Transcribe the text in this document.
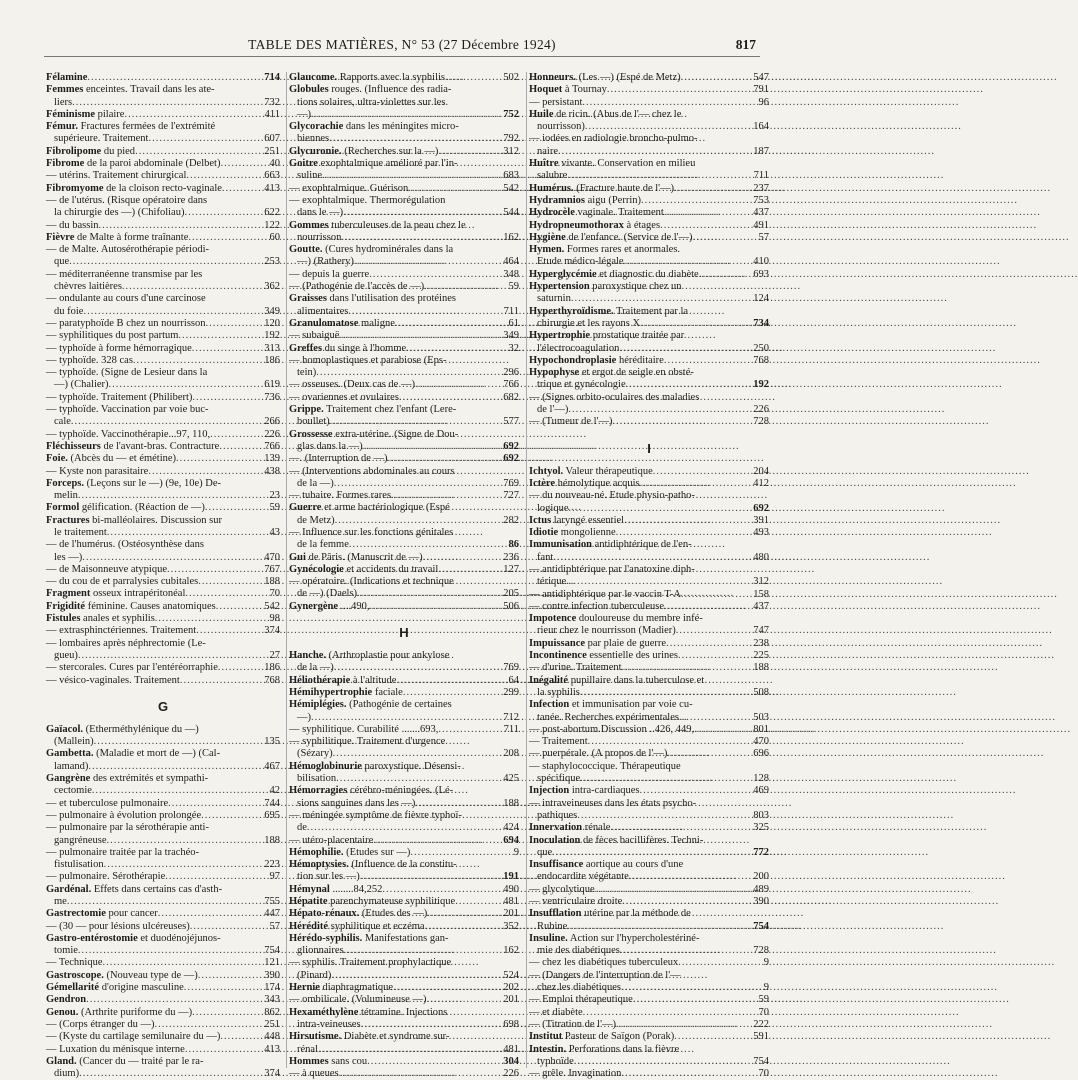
TABLE DES MATIÈRES, N° 53 (27 Décembre 1924)	817
Félamine .....	714
Femmes enceintes. Travail dans les ate-
liers .....	732
Féminisme pilaire .....	411
Fémur. Fractures fermées de l'extrémité
supérieure. Traitement .....	607
Fibrolipome du pied .....	251
Fibrome de la paroi abdominale (Delbet) .....	40
— utérins. Traitement chirurgical .....	663
Fibromyome de la cloison recto-vaginale .....	413
— de l'utérus. (Risque opératoire dans
la chirurgie des —) (Chifoliau) .....	622
— du bassin .....	122
Fièvre de Malte à forme traînante .....	60
— de Malte. Autosérothérapie périodi-
que .....	253
— méditerranéenne transmise par les
chèvres laitières .....	362
— ondulante au cours d'une carcinose
du foie .....	349
— paratyphoïde B chez un nourrisson .....	120
— syphilitiques du post partum .....	192
— typhoïde à forme hémorragique .....	313
— typhoïde. 328 cas .....	186
— typhoïde. (Signe de Lesieur dans la
—) (Chalier) .....	619
— typhoïde. Traitement (Philibert) .....	736
— typhoïde. Vaccination par voie buc-
cale .....	266
— typhoïde. Vaccinothérapie...97, 110, .....	226
Fléchisseurs de l'avant-bras. Contracture .....	766
Foie. (Abcès du — et émétine) .....	139
— Kyste non parasitaire .....	438
Forceps. (Leçons sur le —) (9e, 10e) De-
melin .....	23
Formol gélification. (Réaction de —) .....	59
Fractures bi-malléolaires. Discussion sur
le traitement .....	43
— de l'humérus. (Ostéosynthèse dans
les —) .....	470
— de Maisonneuve atypique .....	767
— du cou de et parralysies cubitales .....	188
Fragment osseux intrapéritonéal .....	70
Frigidité féminine. Causes anatomiques .....	542
Fistules anales et syphilis .....	98
— extrasphinctériennes. Traitement .....	374
— lombaires après néphrectomie (Le-
gueu) .....	27
— stercorales. Cures par l'entéréorraphie .....	186
— vésico-vaginales. Traitement .....	768
G
Gaïacol. (Etherméthylénique du —)
(Mallein) .....	135
Gambetta. (Maladie et mort de —) (Cal-
lamand) .....	467
Gangrène des extrémités et sympathi-
cectomie .....	42
— et tuberculose pulmonaire .....	744
— pulmonaire à évolution prolongée .....	695
— pulmonaire par la sérothérapie anti-
gangréneuse .....	188
— pulmonaire traitée par la trachéo-
fistulisation .....	223
— pulmonaire. Sérothérapie .....	97
Gardénal. Effets dans certains cas d'asth-
me .....	755
Gastrectomie pour cancer .....	447
— (30 — pour lésions ulcéreuses) .....	57
Gastro-entérostomie et duodénojéjunos-
tomie .....	754
— Technique .....	121
Gastroscope. (Nouveau type de —) .....	390
Gémellarité d'origine masculine .....	174
Gendron .....	343
Genou. (Arthrite puriforme du —) .....	862
— (Corps étranger du —) .....	251
— (Kyste du cartilage semilunaire du —) .....	448
— Luxation du ménisque interne .....	413
Gland. (Cancer du — traité par le ra-
dium) .....	374
Glaucome. Rapports avec la syphilis .....	502
Globules rouges. (Influence des radia-
tions solaires, ultra-violettes sur les
—) .....	752
Glycorachie dans les méningites micro-
biennes .....	792
Glycuronie. (Recherches sur la —) .....	312
Goitre exophtalmique amélioré par l'in-
suline .....	683
— exophtalmique. Guérison .....	542
— exophtalmique. Thermorégulation
dans le —) .....	544
Gommes tuberculeuses de la peau chez le
nourrisson .....	162
Goutte. (Cures hydrominérales dans la
—) (Rathery) .....	464
— depuis la guerre .....	348
— (Pathogénie de l'accès de —) .....	59
Graisses dans l'utilisation des protéines
alimentaires .....	711
Granulomatose maligne .....	61
— subaiguë .....	349
Greffes du singe à l'homme .....	32
— homoplastiques et parabiose (Eps-
tein) .....	296
— osseuses. (Deux cas de —) .....	766
— ovariennes et ovulaires .....	682
Grippe. Traitement chez l'enfant (Lere-
boullet) .....	577
Grossesse extra-utérine. (Signe de Dou-
glas dans la —) .....	692
—. (Interruption de —) .....	692
— (Interventions abdominales au cours
de la —) .....	769
— tubaire. Formes rares .....	727
Guerre et arme bactériologique (Espé
de Metz) .....	282
— Influence sur les fonctions génitales
de la femme .....	86
Gui de Pâris. (Manuscrit de —) .....	236
Gynécologie et accidents du travail .....	127
— opératoire. (Indications et technique
de —) (Daels) .....	205
Gynergène ....490, .....	506
H
Hanche. (Arthroplastie pour ankylose
de la —) .....	769
Héliothérapie à l'altitude .....	64
Hémihypertrophie faciale .....	299
Hémiplégies. (Pathogénie de certaines
—) .....	712
— syphilitique. Curabilité .......693, .....	711
— syphilitique. Traitement d'urgence
(Sézary) .....	208
Hémoglobinurie paroxystique. Désensi-
bilisation .....	425
Hémorragies cérébro-méningées. (Lé-
sions sanguines dans les —) .....	188
— méningée symptôme de fièvre typhoï-
de .....	424
— utéro-placentaire .....	694
Hémophilie. (Etudes sur —) .....	9
Hémoptysies. (Influence de la constitu-
tion sur les —) .....	191
Hémynal ........84,252 .....	490
Hépatite parenchymateuse syphilitique .....	481
Hépato-rénaux. (Etudes des —) .....	201
Hérédité syphilitique et eczéma .....	352
Hérédo-syphilis. Manifestations gan-
glionnaires .....	162
— syphilis. Traitement prophylactique
(Pinard) .....	524
Hernie diaphragmatique .....	202
— ombilicale. (Volumineuse —) .....	201
Hexaméthylène tétramine. Injections
intra-veineuses .....	698
Hirsutisme. Diabète et syndrome sur-
rénal .....	481
Hommes sans cou .....	304
— à queues .....	226
Honneurs. (Les —) (Espé de Metz) .....	547
Hoquet à Tournay .....	791
— persistant .....	96
Huile de ricin. (Abus de l'— chez le
nourrisson) .....	164
— iodées en radiologie broncho-pulmo-
naire .....	187
Huître vivante. Conservation en milieu
salubre .....	711
Humérus. (Fracture haute de l'—) .....	237
Hydramnios aigu (Perrin) .....	753
Hydrocèle vaginale. Traitement .....	437
Hydropneumothorax à étages .....	491
Hygiène de l'enfance. (Service de l'—) .....	57
Hymen. Formes rares et anormales.
Etude médico-légale .....	410
Hyperglycémie et diagnostic du diabète. .....	693
Hypertension paroxystique chez un
saturnin .....	124
Hyperthyroïdisme. Traitement par la
chirurgie et les rayons X .....	734
Hypertrophie prostatique traitée par
l'électrocoagulation .....	250
Hypochondroplasie héréditaire .....	768
Hypophyse et ergot de seigle en obsté-
trique et gynécologie .....	192
— (Signes orbito-oculaires des maladies
de l'—) .....	226
— (Tumeur de l'—) .....	728
I
Ichtyol. Valeur thérapeutique .....	204
Ictère hémolytique acquis .....	412
— du nouveau-né. Etude physio-patho-
logique .....	692
Ictus laryngé essentiel .....	391
Idiotie mongolienne .....	493
Immunisation antidiphtérique de l'en-
fant .....	480
— antidiphtérique par l'anatoxine diph-
térique .....	312
— antidiphtérique par le vaccin T-A .....	158
— contre infection tuberculeuse .....	437
Impotence douloureuse du membre infé-
rieur chez le nourrisson (Madier) .....	747
Impuissance par plaie de guerre .....	238
Incontinence essentielle des urines .....	225
— d'urine. Traitement .....	188
Inégalité pupillaire dans la tuberculose et
la syphilis .....	508
Infection et immunisation par voie cu-
tanée. Recherches expérimentales .....	503
— post-abortum.Discussion ..426, 449, .....	801
— Traitement .....	470
— puerpérale. (A propos de l'—) .....	696
— staphylococcique. Thérapeutique
spécifique .....	128
Injection intra-cardiaques .....	469
— intraveineuses dans les états psycho-
pathiques .....	803
Innervation rénale .....	325
Inoculation de fèces bacillifères. Techni-
que .....	772
Insuffisance aortique au cours d'une
endocardite végétante .....	200
— glycolytique .....	489
— ventriculaire droite .....	390
Insufflation utérine par la méthode de
Rubine .....	754
Insuline. Action sur l'hypercholestériné-
mie des diabétiques .....	728
— chez les diabétiques tuberculeux .....	9
— (Dangers de l'interruption de l'—
chez les diabétiques .....	9
— Emploi thérapeutique .....	59
— et diabète .....	70
— (Titration de l'—) .....	222
Institut Pasteur de Saïgon (Porak) .....	591
Intestin. Perforations dans la fièvre
typhoïde .....	754
— grêle. Invagination .....	70
